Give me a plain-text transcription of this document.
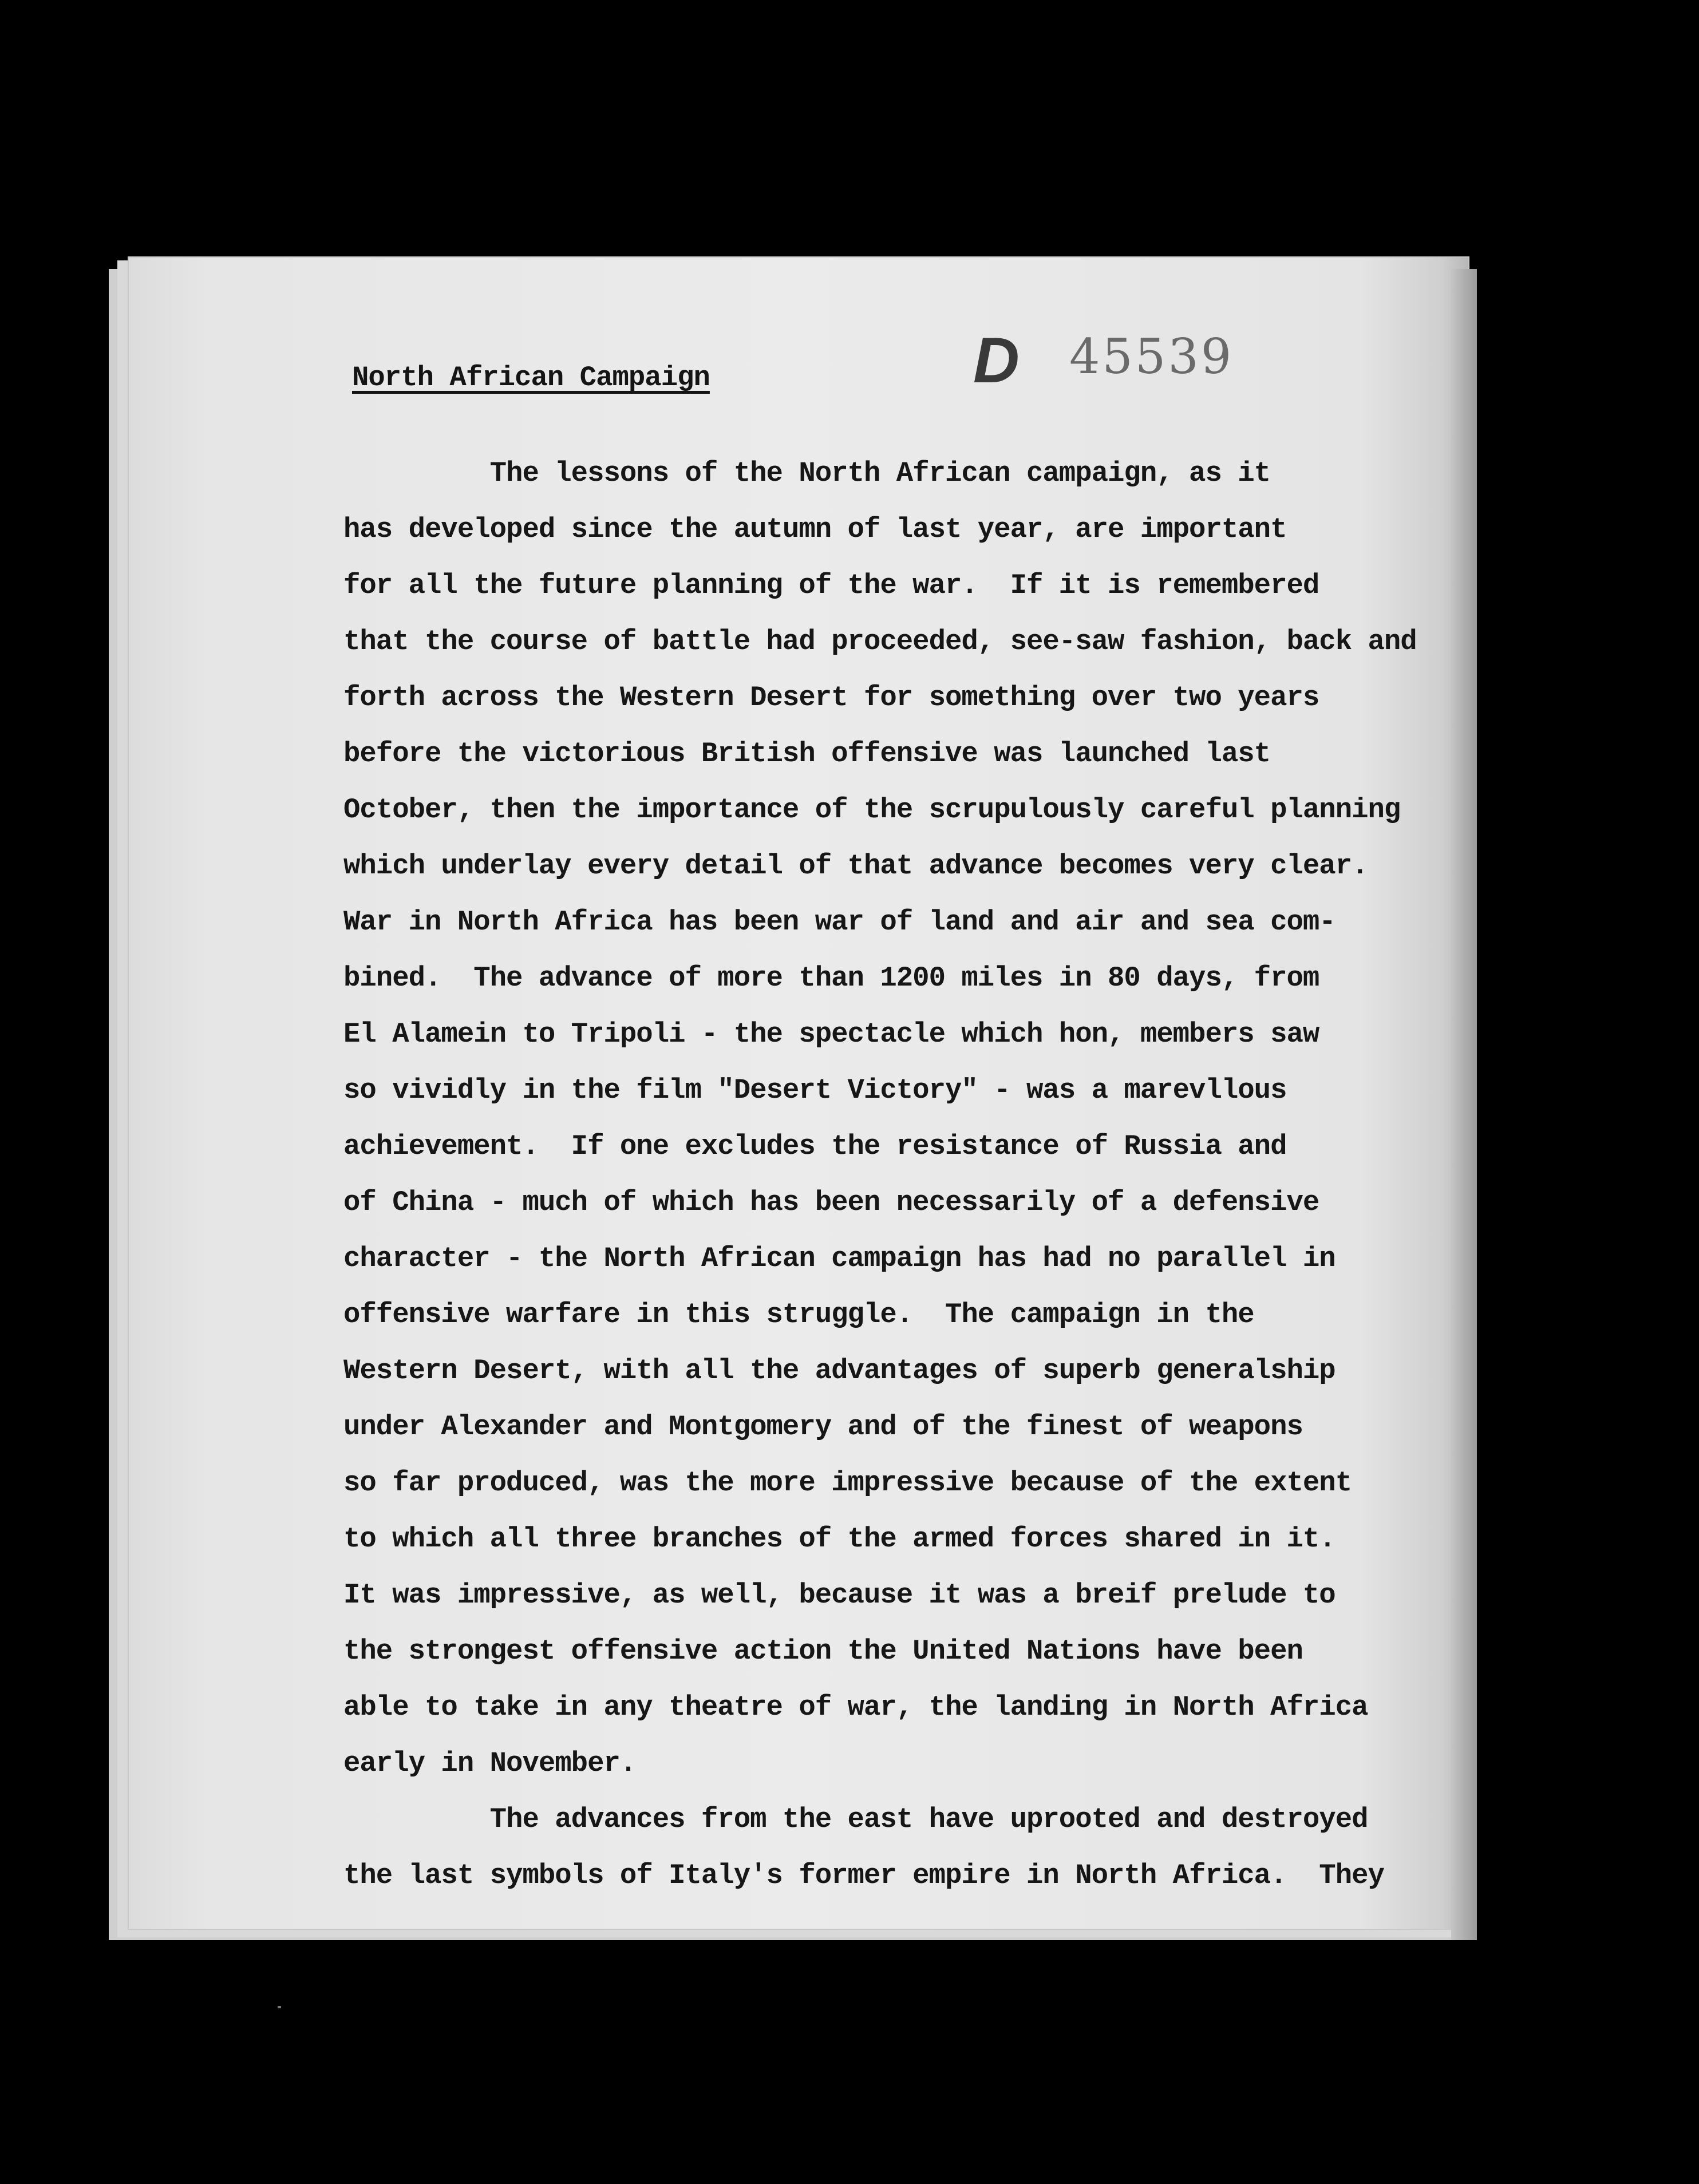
D 45539
North African Campaign
The lessons of the North African campaign, as it
has developed since the autumn of last year, are important
for all the future planning of the war.  If it is remembered
that the course of battle had proceeded, see-saw fashion, back and
forth across the Western Desert for something over two years
before the victorious British offensive was launched last
October, then the importance of the scrupulously careful planning
which underlay every detail of that advance becomes very clear.
War in North Africa has been war of land and air and sea com-
bined.  The advance of more than 1200 miles in 80 days, from
El Alamein to Tripoli - the spectacle which hon, members saw
so vividly in the film "Desert Victory" - was a marevllous
achievement.  If one excludes the resistance of Russia and
of China - much of which has been necessarily of a defensive
character - the North African campaign has had no parallel in
offensive warfare in this struggle.  The campaign in the
Western Desert, with all the advantages of superb generalship
under Alexander and Montgomery and of the finest of weapons
so far produced, was the more impressive because of the extent
to which all three branches of the armed forces shared in it.
It was impressive, as well, because it was a breif prelude to
the strongest offensive action the United Nations have been
able to take in any theatre of war, the landing in North Africa
early in November.
The advances from the east have uprooted and destroyed
the last symbols of Italy's former empire in North Africa.  They
